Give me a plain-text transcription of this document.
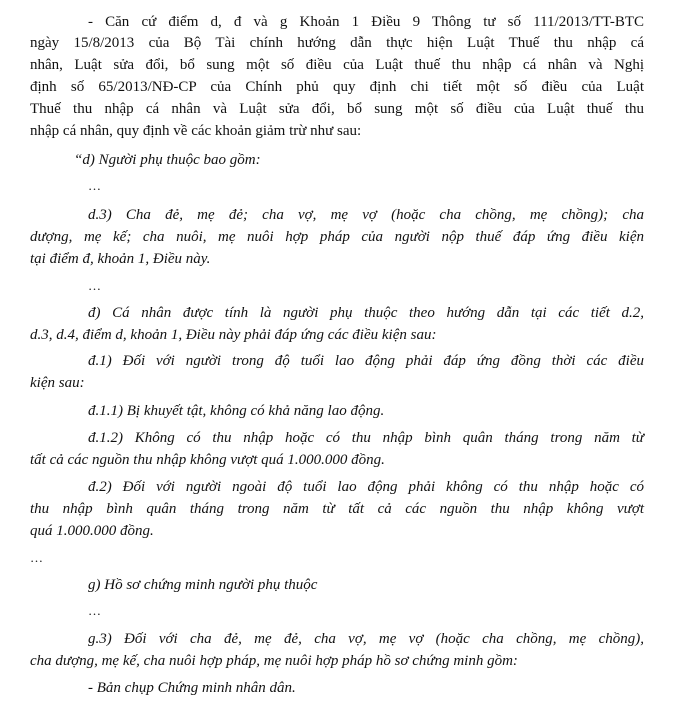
- Căn cứ điểm d, đ và g Khoản 1 Điều 9 Thông tư số 111/2013/TT-BTC
ngày 15/8/2013 của Bộ Tài chính hướng dẫn thực hiện Luật Thuế thu nhập cá
nhân, Luật sửa đổi, bổ sung một số điều của Luật thuế thu nhập cá nhân và Nghị
định số 65/2013/NĐ-CP của Chính phủ quy định chi tiết một số điều của Luật
Thuế thu nhập cá nhân và Luật sửa đổi, bổ sung một số điều của Luật thuế thu
nhập cá nhân, quy định về các khoản giảm trừ như sau:
“d) Người phụ thuộc bao gồm:
…
d.3) Cha đẻ, mẹ đẻ; cha vợ, mẹ vợ (hoặc cha chồng, mẹ chồng); cha
dượng, mẹ kế; cha nuôi, mẹ nuôi hợp pháp của người nộp thuế đáp ứng điều kiện
tại điểm đ, khoản 1, Điều này.
…
đ) Cá nhân được tính là người phụ thuộc theo hướng dẫn tại các tiết d.2,
d.3, d.4, điểm d, khoản 1, Điều này phải đáp ứng các điều kiện sau:
đ.1) Đối với người trong độ tuổi lao động phải đáp ứng đồng thời các điều
kiện sau:
đ.1.1) Bị khuyết tật, không có khả năng lao động.
đ.1.2) Không có thu nhập hoặc có thu nhập bình quân tháng trong năm từ
tất cả các nguồn thu nhập không vượt quá 1.000.000 đồng.
đ.2) Đối với người ngoài độ tuổi lao động phải không có thu nhập hoặc có
thu nhập bình quân tháng trong năm từ tất cả các nguồn thu nhập không vượt
quá 1.000.000 đồng.
…
g) Hồ sơ chứng minh người phụ thuộc
…
g.3) Đối với cha đẻ, mẹ đẻ, cha vợ, mẹ vợ (hoặc cha chồng, mẹ chồng),
cha dượng, mẹ kế, cha nuôi hợp pháp, mẹ nuôi hợp pháp hồ sơ chứng minh gồm:
- Bản chụp Chứng minh nhân dân.
